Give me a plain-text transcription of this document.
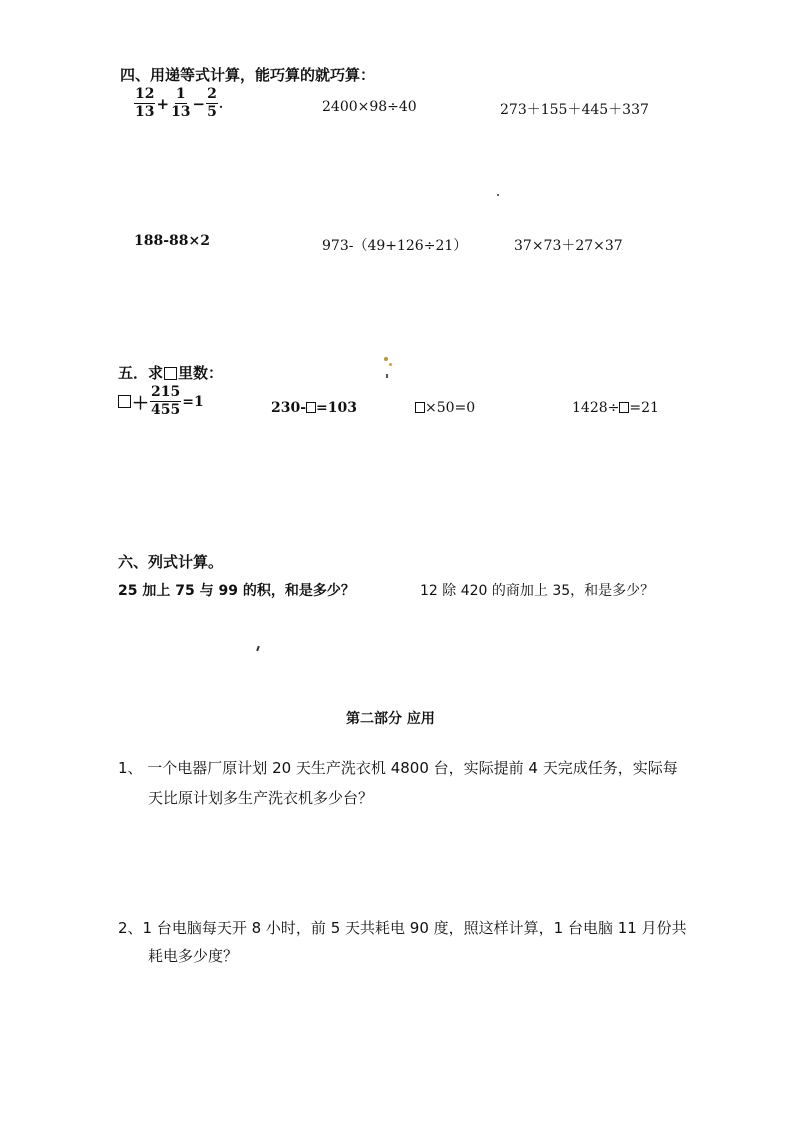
四、用递等式计算，能巧算的就巧算：
$\frac{12}{13} + \frac{1}{13} - \frac{2}{5}$ .	2400×98÷40	273＋155＋445＋337
188-88×2	973-（49+126÷21）	37×73＋27×37
五．求 里数：
＋ $\frac{215}{455} =1$	230- =103	×50=0	1428÷ =21
六、列式计算。
25 加上 75 与 99 的积，和是多少？	12 除 420 的商加上 35，和是多少？
第二部分 应用
1、 一个电器厂原计划 20 天生产洗衣机 4800 台，实际提前 4 天完成任务，实际每
天比原计划多生产洗衣机多少台？
2、1 台电脑每天开 8 小时，前 5 天共耗电 90 度，照这样计算，1 台电脑 11 月份共
耗电多少度？
